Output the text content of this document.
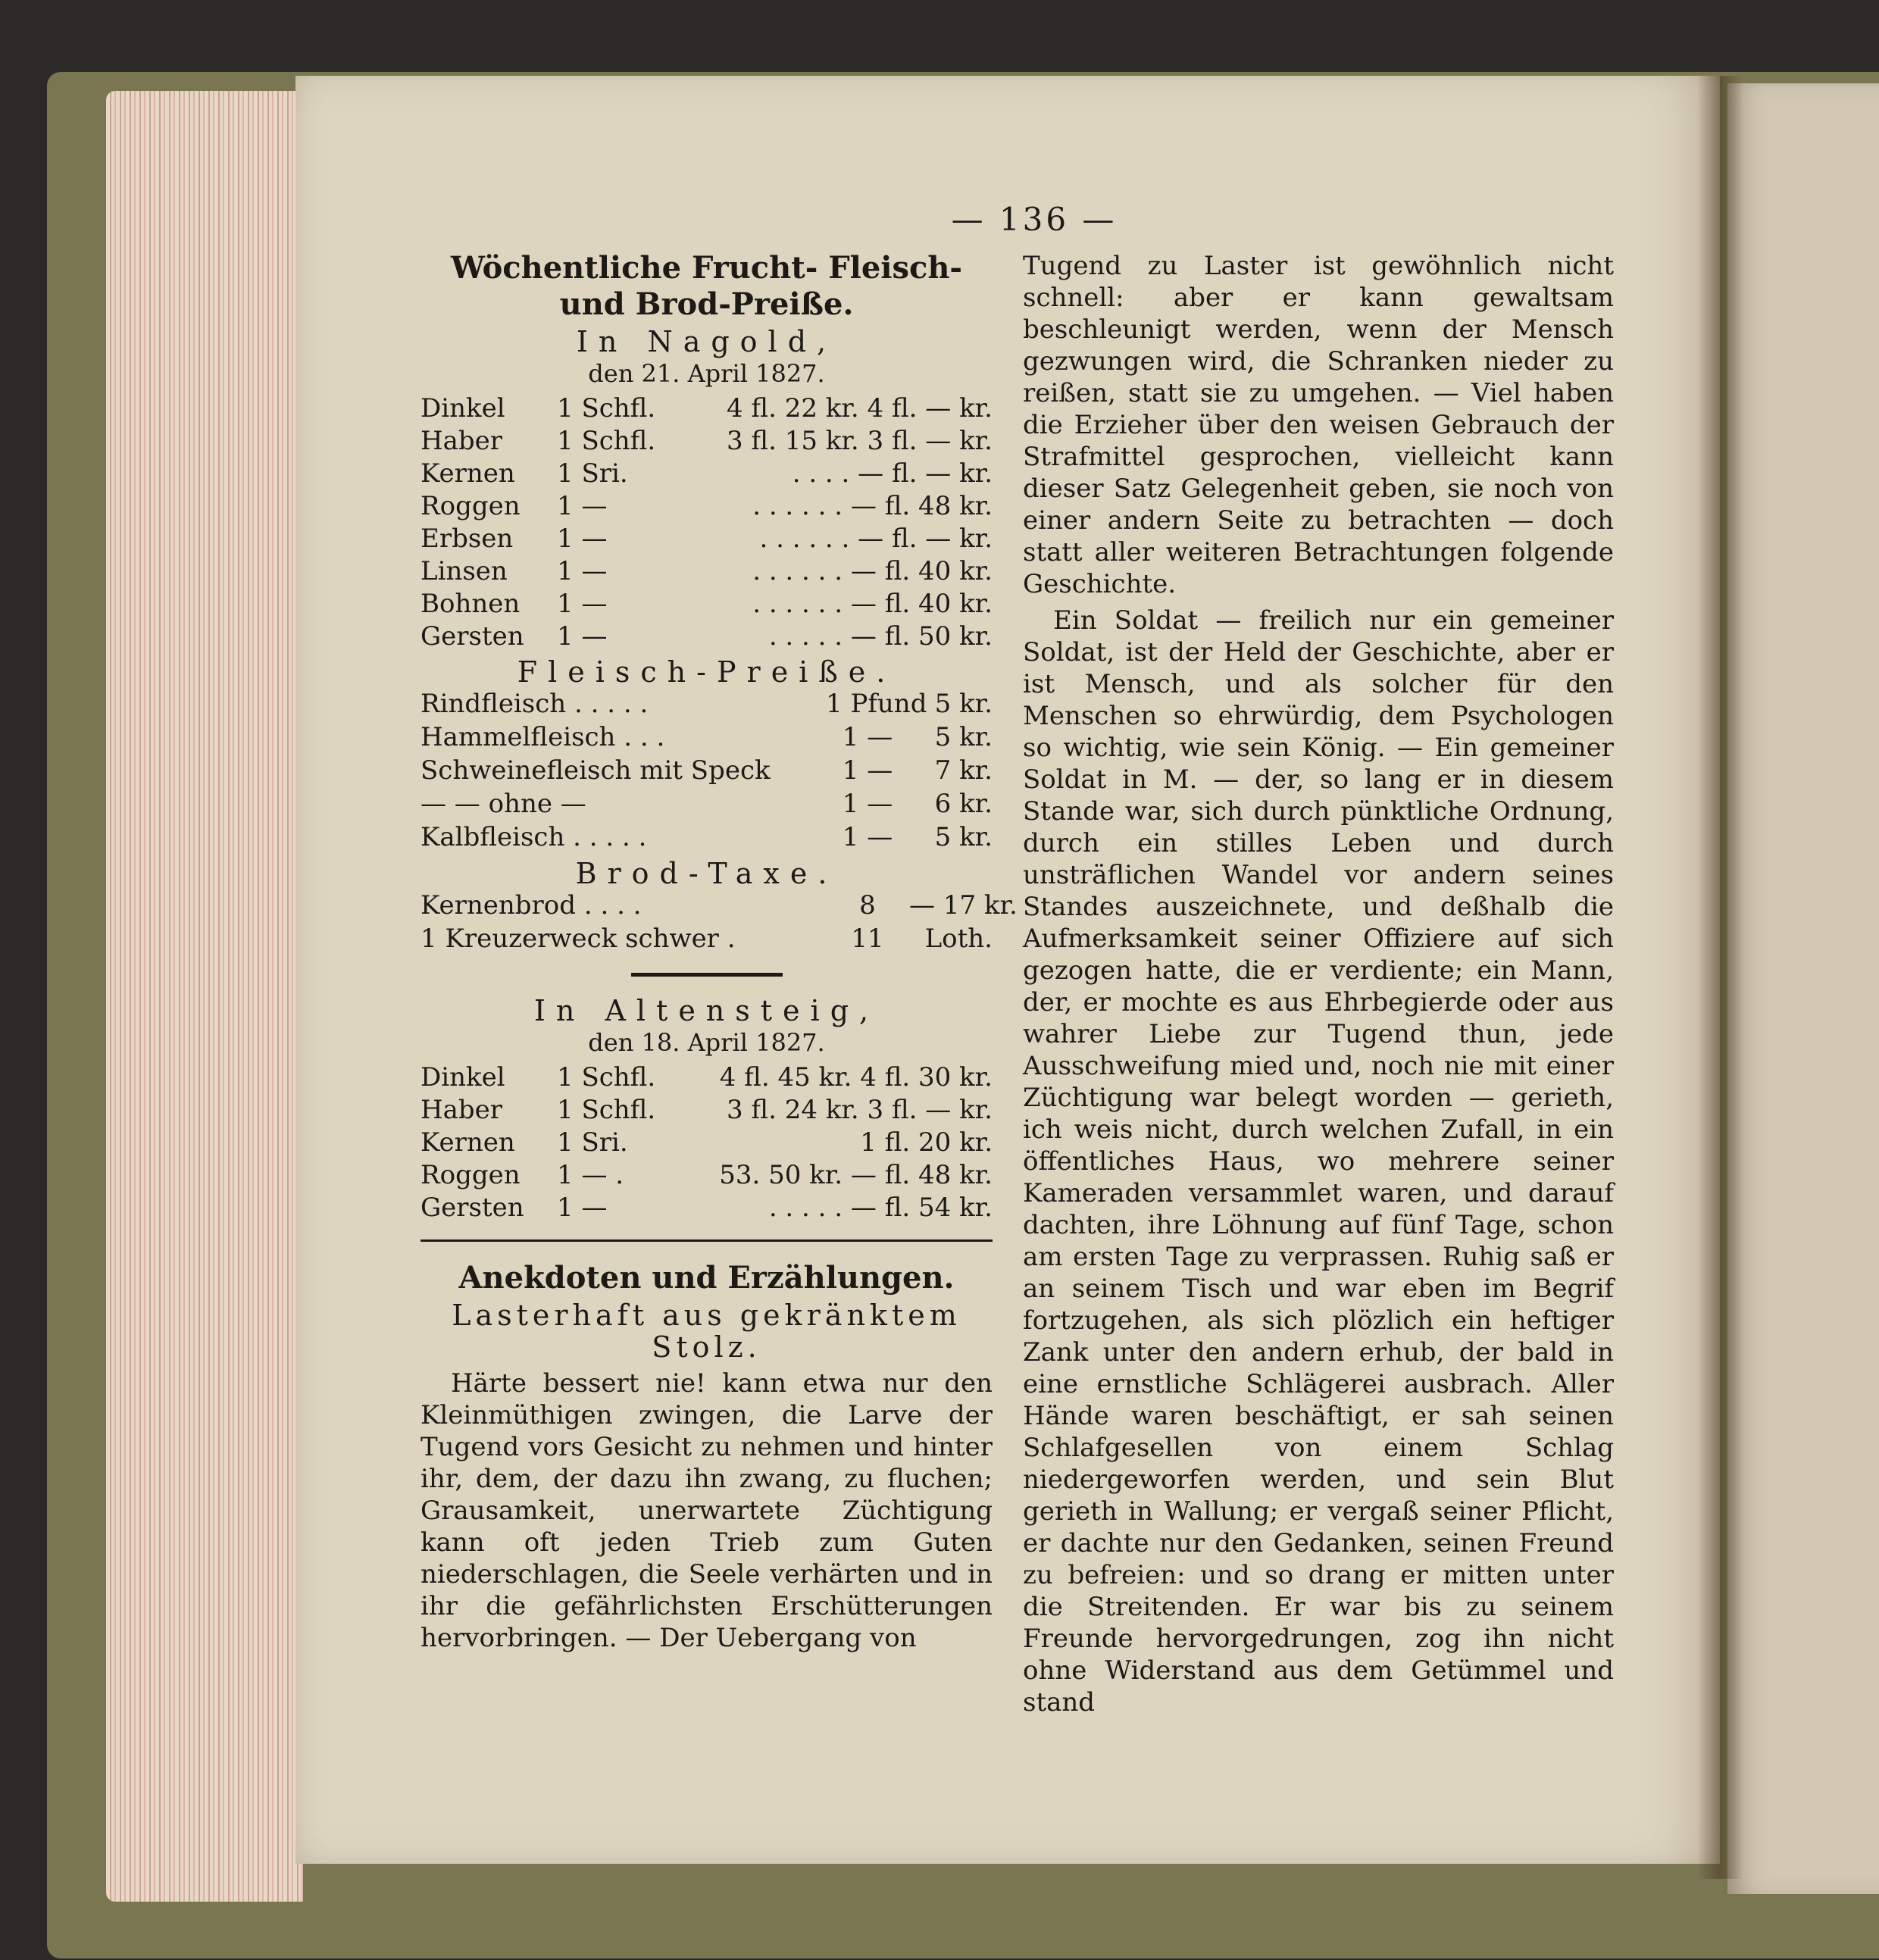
— 136 —
Wöchentliche Frucht- Fleisch- und Brod-Preiße.
In Nagold,
den 21. April 1827.
Dinkel	1 Schfl.	4 fl. 22 kr. 4 fl. — kr.
Haber	1 Schfl.	3 fl. 15 kr. 3 fl. — kr.
Kernen	1 Sri.	. . . . — fl. — kr.
Roggen	1 —	. . . . . . — fl. 48 kr.
Erbsen	1 —	. . . . . . — fl. — kr.
Linsen	1 —	. . . . . . — fl. 40 kr.
Bohnen	1 —	. . . . . . — fl. 40 kr.
Gersten	1 —	. . . . . — fl. 50 kr.
Fleisch-Preiße.
Rindfleisch . . . . .	1 Pfund 5 kr.
Hammelfleisch . . .	1 —	5 kr.
Schweinefleisch mit Speck	1 —	7 kr.
— — ohne —	1 —	6 kr.
Kalbfleisch . . . . .	1 —	5 kr.
Brod-Taxe.
Kernenbrod . . . .	8	— 17 kr.
1 Kreuzerweck schwer .	11	Loth.
In Altensteig,
den 18. April 1827.
Dinkel	1 Schfl.	4 fl. 45 kr. 4 fl. 30 kr.
Haber	1 Schfl.	3 fl. 24 kr. 3 fl. — kr.
Kernen	1 Sri.	1 fl. 20 kr.
Roggen	1 — .	53. 50 kr. — fl. 48 kr.
Gersten	1 —	. . . . . — fl. 54 kr.
Anekdoten und Erzählungen.
Lasterhaft aus gekränktem Stolz.

Härte bessert nie! kann etwa nur den Kleinmüthigen zwingen, die Larve der Tugend vors Gesicht zu nehmen und hinter ihr, dem, der dazu ihn zwang, zu fluchen; Grausamkeit, unerwartete Züchtigung kann oft jeden Trieb zum Guten niederschlagen, die Seele verhärten und in ihr die gefährlichsten Erschütterungen hervorbringen. — Der Uebergang von

Tugend zu Laster ist gewöhnlich nicht schnell: aber er kann gewaltsam beschleunigt werden, wenn der Mensch gezwungen wird, die Schranken nieder zu reißen, statt sie zu umgehen. — Viel haben die Erzieher über den weisen Gebrauch der Strafmittel gesprochen, vielleicht kann dieser Satz Gelegenheit geben, sie noch von einer andern Seite zu betrachten — doch statt aller weiteren Betrachtungen folgende Geschichte.

Ein Soldat — freilich nur ein gemeiner Soldat, ist der Held der Geschichte, aber er ist Mensch, und als solcher für den Menschen so ehrwürdig, dem Psychologen so wichtig, wie sein König. — Ein gemeiner Soldat in M. — der, so lang er in diesem Stande war, sich durch pünktliche Ordnung, durch ein stilles Leben und durch unsträflichen Wandel vor andern seines Standes auszeichnete, und deßhalb die Aufmerksamkeit seiner Offiziere auf sich gezogen hatte, die er verdiente; ein Mann, der, er mochte es aus Ehrbegierde oder aus wahrer Liebe zur Tugend thun, jede Ausschweifung mied und, noch nie mit einer Züchtigung war belegt worden — gerieth, ich weis nicht, durch welchen Zufall, in ein öffentliches Haus, wo mehrere seiner Kameraden versammlet waren, und darauf dachten, ihre Löhnung auf fünf Tage, schon am ersten Tage zu verprassen. Ruhig saß er an seinem Tisch und war eben im Begrif fortzugehen, als sich plözlich ein heftiger Zank unter den andern erhub, der bald in eine ernstliche Schlägerei ausbrach. Aller Hände waren beschäftigt, er sah seinen Schlafgesellen von einem Schlag niedergeworfen werden, und sein Blut gerieth in Wallung; er vergaß seiner Pflicht, er dachte nur den Gedanken, seinen Freund zu befreien: und so drang er mitten unter die Streitenden. Er war bis zu seinem Freunde hervorgedrungen, zog ihn nicht ohne Widerstand aus dem Getümmel und stand
